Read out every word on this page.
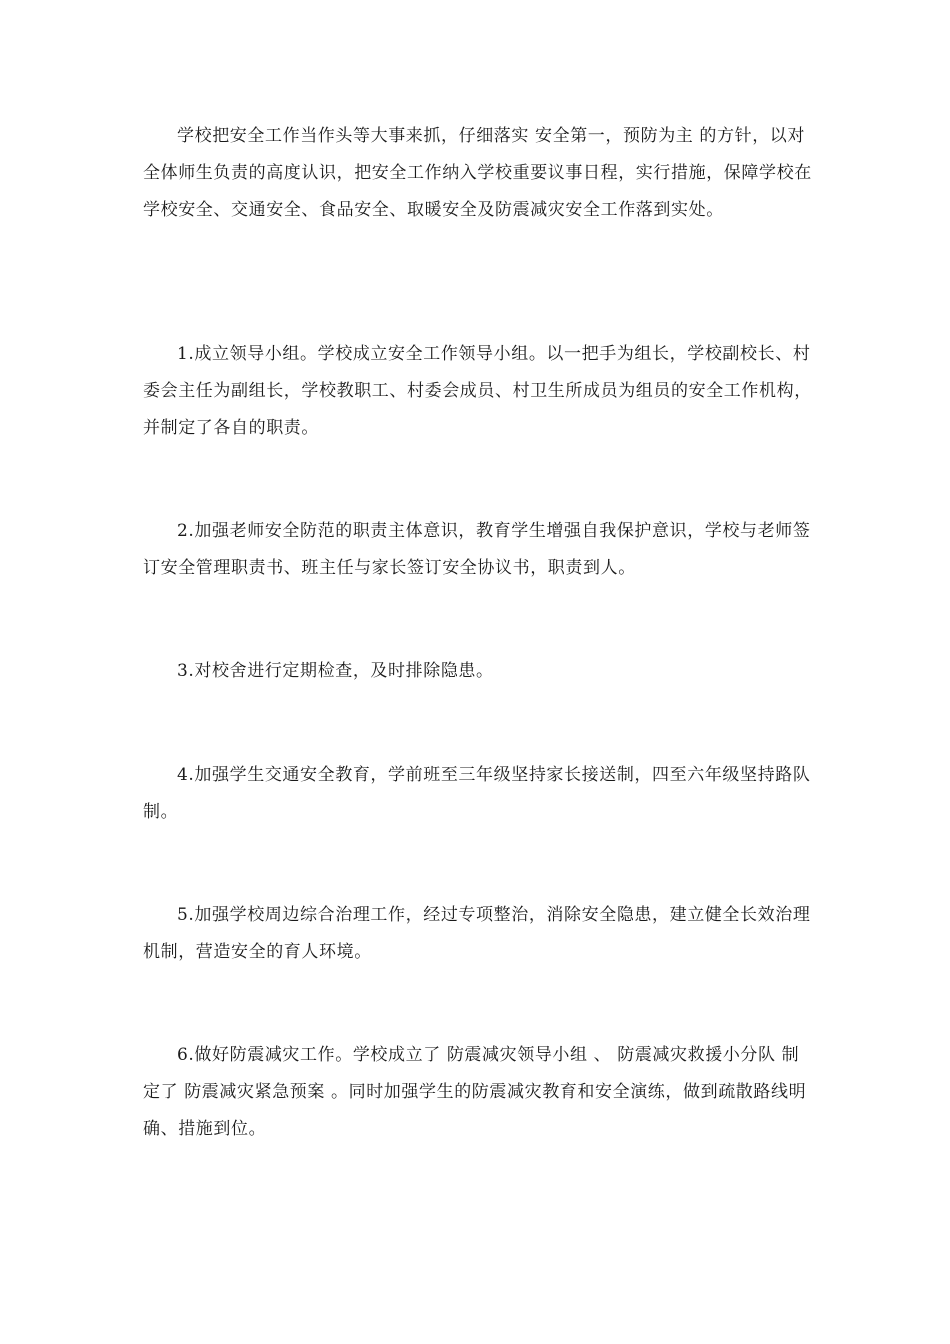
学校把安全工作当作头等大事来抓，仔细落实 安全第一，预防为主 的方针，以对全体师生负责的高度认识，把安全工作纳入学校重要议事日程，实行措施，保障学校在学校安全、交通安全、食品安全、取暖安全及防震减灾安全工作落到实处。

1.成立领导小组。学校成立安全工作领导小组。以一把手为组长，学校副校长、村委会主任为副组长，学校教职工、村委会成员、村卫生所成员为组员的安全工作机构，并制定了各自的职责。

2.加强老师安全防范的职责主体意识，教育学生增强自我保护意识，学校与老师签订安全管理职责书、班主任与家长签订安全协议书，职责到人。

3.对校舍进行定期检查，及时排除隐患。

4.加强学生交通安全教育，学前班至三年级坚持家长接送制，四至六年级坚持路队制。

5.加强学校周边综合治理工作，经过专项整治，消除安全隐患，建立健全长效治理机制，营造安全的育人环境。

6.做好防震减灾工作。学校成立了 防震减灾领导小组 、 防震减灾救援小分队 制定了 防震减灾紧急预案 。同时加强学生的防震减灾教育和安全演练，做到疏散路线明确、措施到位。
